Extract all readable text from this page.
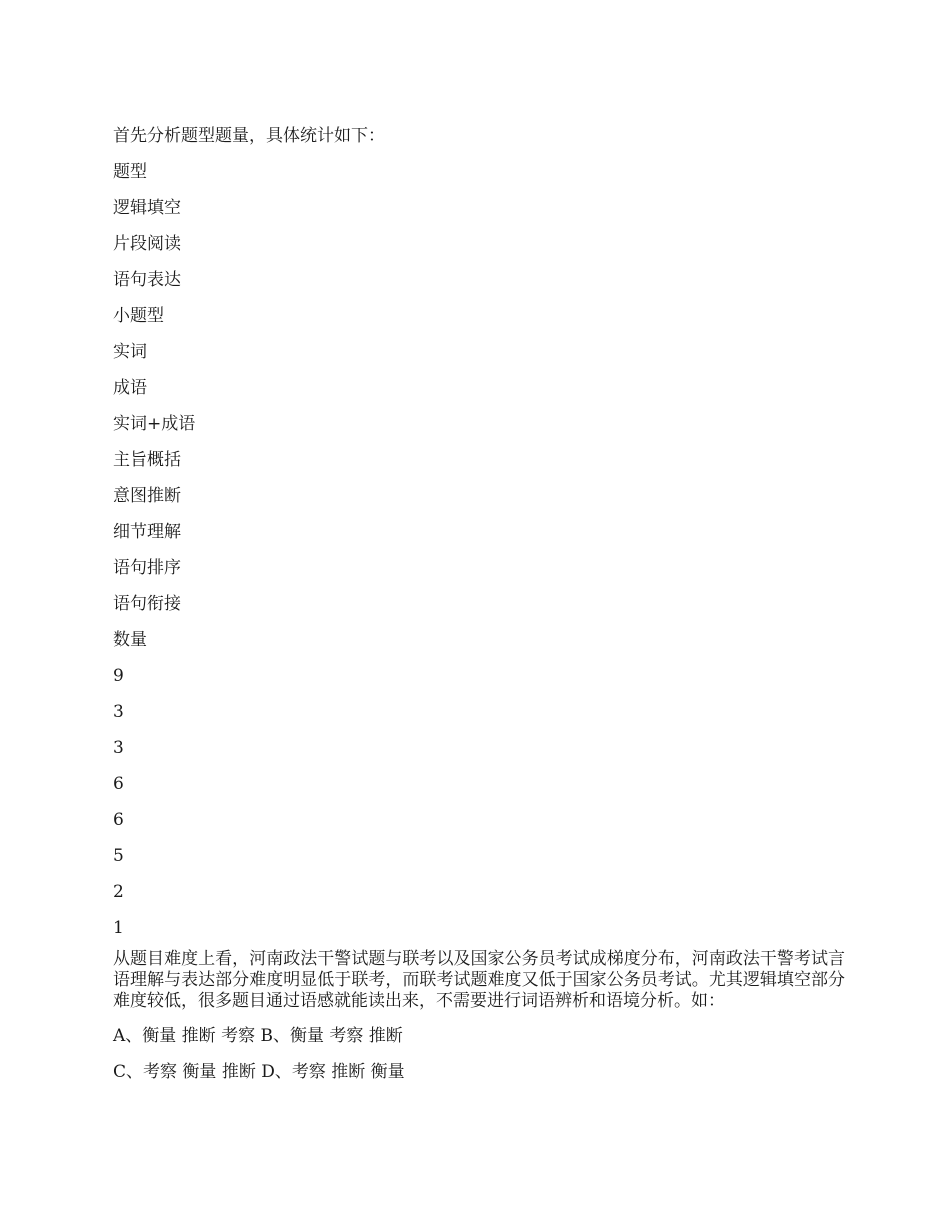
首先分析题型题量，具体统计如下：
题型
逻辑填空
片段阅读
语句表达
小题型
实词
成语
实词+成语
主旨概括
意图推断
细节理解
语句排序
语句衔接
数量
9
3
3
6
6
5
2
1
从题目难度上看，河南政法干警试题与联考以及国家公务员考试成梯度分布，河南政法干警考试言语理解与表达部分难度明显低于联考，而联考试题难度又低于国家公务员考试。尤其逻辑填空部分难度较低，很多题目通过语感就能读出来，不需要进行词语辨析和语境分析。如：
A、衡量 推断 考察 B、衡量 考察 推断
C、考察 衡量 推断 D、考察 推断 衡量
